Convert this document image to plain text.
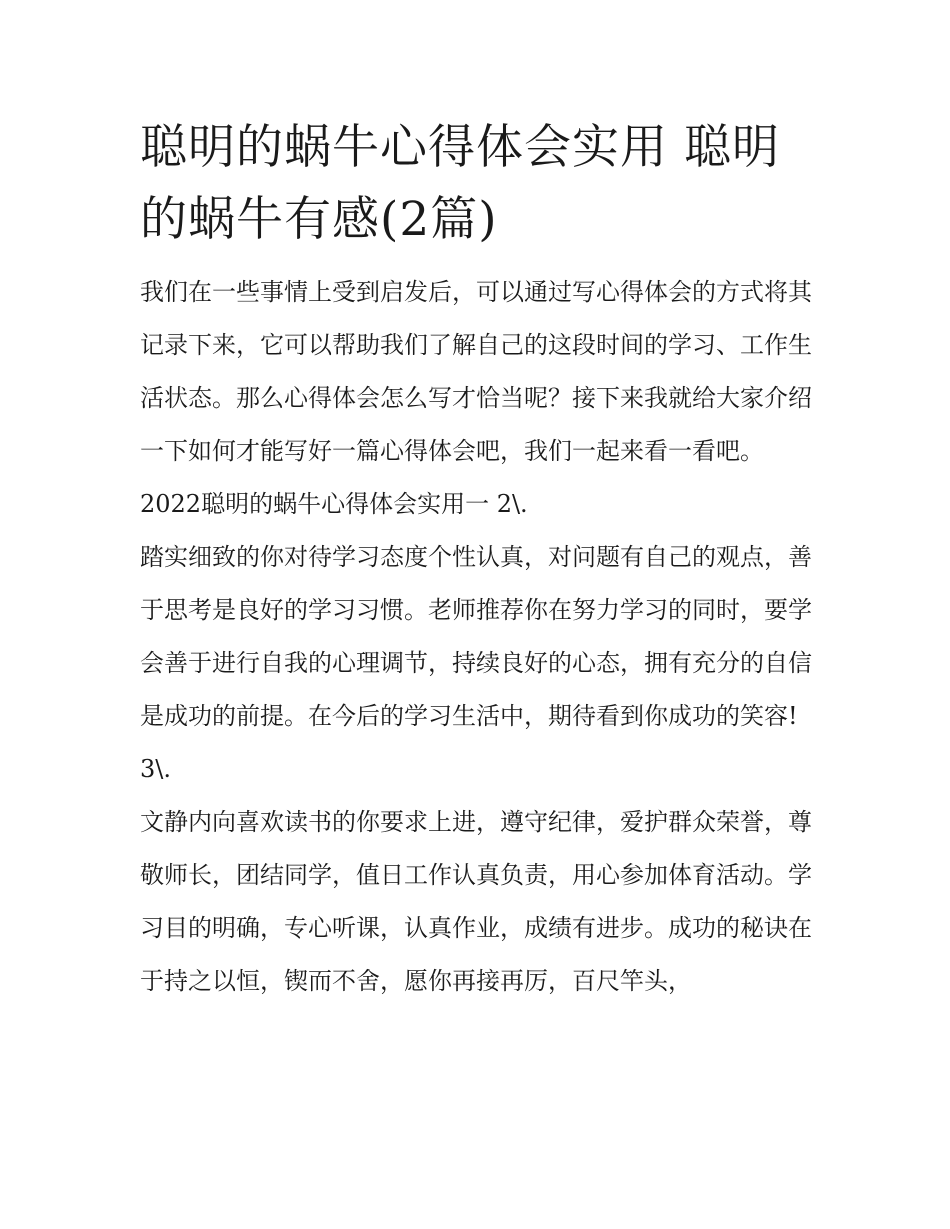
聪明的蜗牛心得体会实用 聪明的蜗牛有感(2篇)

我们在一些事情上受到启发后，可以通过写心得体会的方式将其记录下来，它可以帮助我们了解自己的这段时间的学习、工作生活状态。那么心得体会怎么写才恰当呢？接下来我就给大家介绍一下如何才能写好一篇心得体会吧，我们一起来看一看吧。

2022聪明的蜗牛心得体会实用一 2\.

踏实细致的你对待学习态度个性认真，对问题有自己的观点，善于思考是良好的学习习惯。老师推荐你在努力学习的同时，要学会善于进行自我的心理调节，持续良好的心态，拥有充分的自信是成功的前提。在今后的学习生活中，期待看到你成功的笑容!

3\.

文静内向喜欢读书的你要求上进，遵守纪律，爱护群众荣誉，尊敬师长，团结同学，值日工作认真负责，用心参加体育活动。学习目的明确，专心听课，认真作业，成绩有进步。成功的秘诀在于持之以恒，锲而不舍，愿你再接再厉，百尺竿头，
